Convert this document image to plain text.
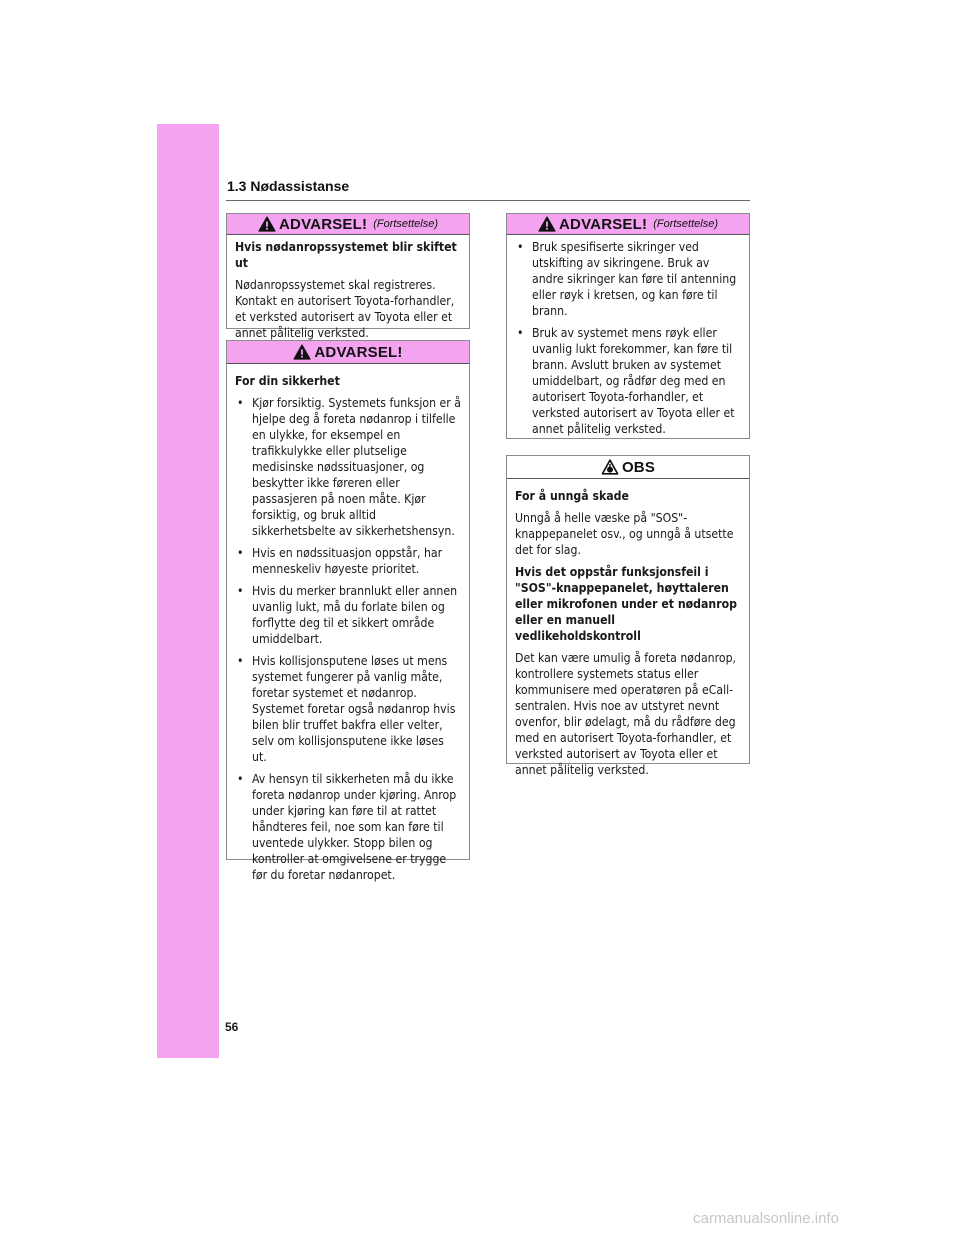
1.3 Nødassistanse
ADVARSEL! (Fortsettelse)

Hvis nødanropssystemet blir skiftet ut

Nødanropssystemet skal registreres. Kontakt en autorisert Toyota-forhandler, et verksted autorisert av Toyota eller et annet pålitelig verksted.

ADVARSEL!

For din sikkerhet

• Kjør forsiktig. Systemets funksjon er å hjelpe deg å foreta nødanrop i tilfelle en ulykke, for eksempel en trafikkulykke eller plutselige medisinske nødssituasjoner, og beskytter ikke føreren eller passasjeren på noen måte. Kjør forsiktig, og bruk alltid sikkerhetsbelte av sikkerhetshensyn.
• Hvis en nødssituasjon oppstår, har menneskeliv høyeste prioritet.
• Hvis du merker brannlukt eller annen uvanlig lukt, må du forlate bilen og forflytte deg til et sikkert område umiddelbart.
• Hvis kollisjonsputene løses ut mens systemet fungerer på vanlig måte, foretar systemet et nødanrop. Systemet foretar også nødanrop hvis bilen blir truffet bakfra eller velter, selv om kollisjonsputene ikke løses ut.
• Av hensyn til sikkerheten må du ikke foreta nødanrop under kjøring. Anrop under kjøring kan føre til at rattet håndteres feil, noe som kan føre til uventede ulykker. Stopp bilen og kontroller at omgivelsene er trygge før du foretar nødanropet.
ADVARSEL! (Fortsettelse)
• Bruk spesifiserte sikringer ved utskifting av sikringene. Bruk av andre sikringer kan føre til antenning eller røyk i kretsen, og kan føre til brann.
• Bruk av systemet mens røyk eller uvanlig lukt forekommer, kan føre til brann. Avslutt bruken av systemet umiddelbart, og rådfør deg med en autorisert Toyota-forhandler, et verksted autorisert av Toyota eller et annet pålitelig verksted.
OBS

For å unngå skade

Unngå å helle væske på "SOS"-knappepanelet osv., og unngå å utsette det for slag.

Hvis det oppstår funksjonsfeil i "SOS"-knappepanelet, høyttaleren eller mikrofonen under et nødanrop eller en manuell vedlikeholdskontroll

Det kan være umulig å foreta nødanrop, kontrollere systemets status eller kommunisere med operatøren på eCall-sentralen. Hvis noe av utstyret nevnt ovenfor, blir ødelagt, må du rådføre deg med en autorisert Toyota-forhandler, et verksted autorisert av Toyota eller et annet pålitelig verksted.

56
carmanualsonline.info
